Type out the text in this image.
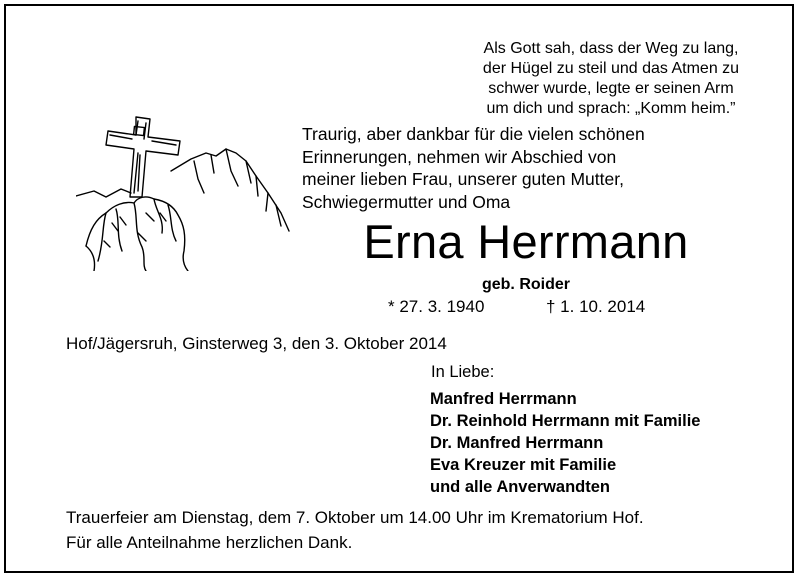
Als Gott sah, dass der Weg zu lang,
der Hügel zu steil und das Atmen zu
schwer wurde, legte er seinen Arm
um dich und sprach: „Komm heim.”
Traurig, aber dankbar für die vielen schönen
Erinnerungen, nehmen wir Abschied von
meiner lieben Frau, unserer guten Mutter,
Schwiegermutter und Oma
Erna Herrmann
geb. Roider
* 27. 3. 1940	† 1. 10. 2014
Hof/Jägersruh, Ginsterweg 3, den 3. Oktober 2014
In Liebe:
Manfred Herrmann
Dr. Reinhold Herrmann mit Familie
Dr. Manfred Herrmann
Eva Kreuzer mit Familie
und alle Anverwandten
Trauerfeier am Dienstag, dem 7. Oktober um 14.00 Uhr im Krematorium Hof.
Für alle Anteilnahme herzlichen Dank.
